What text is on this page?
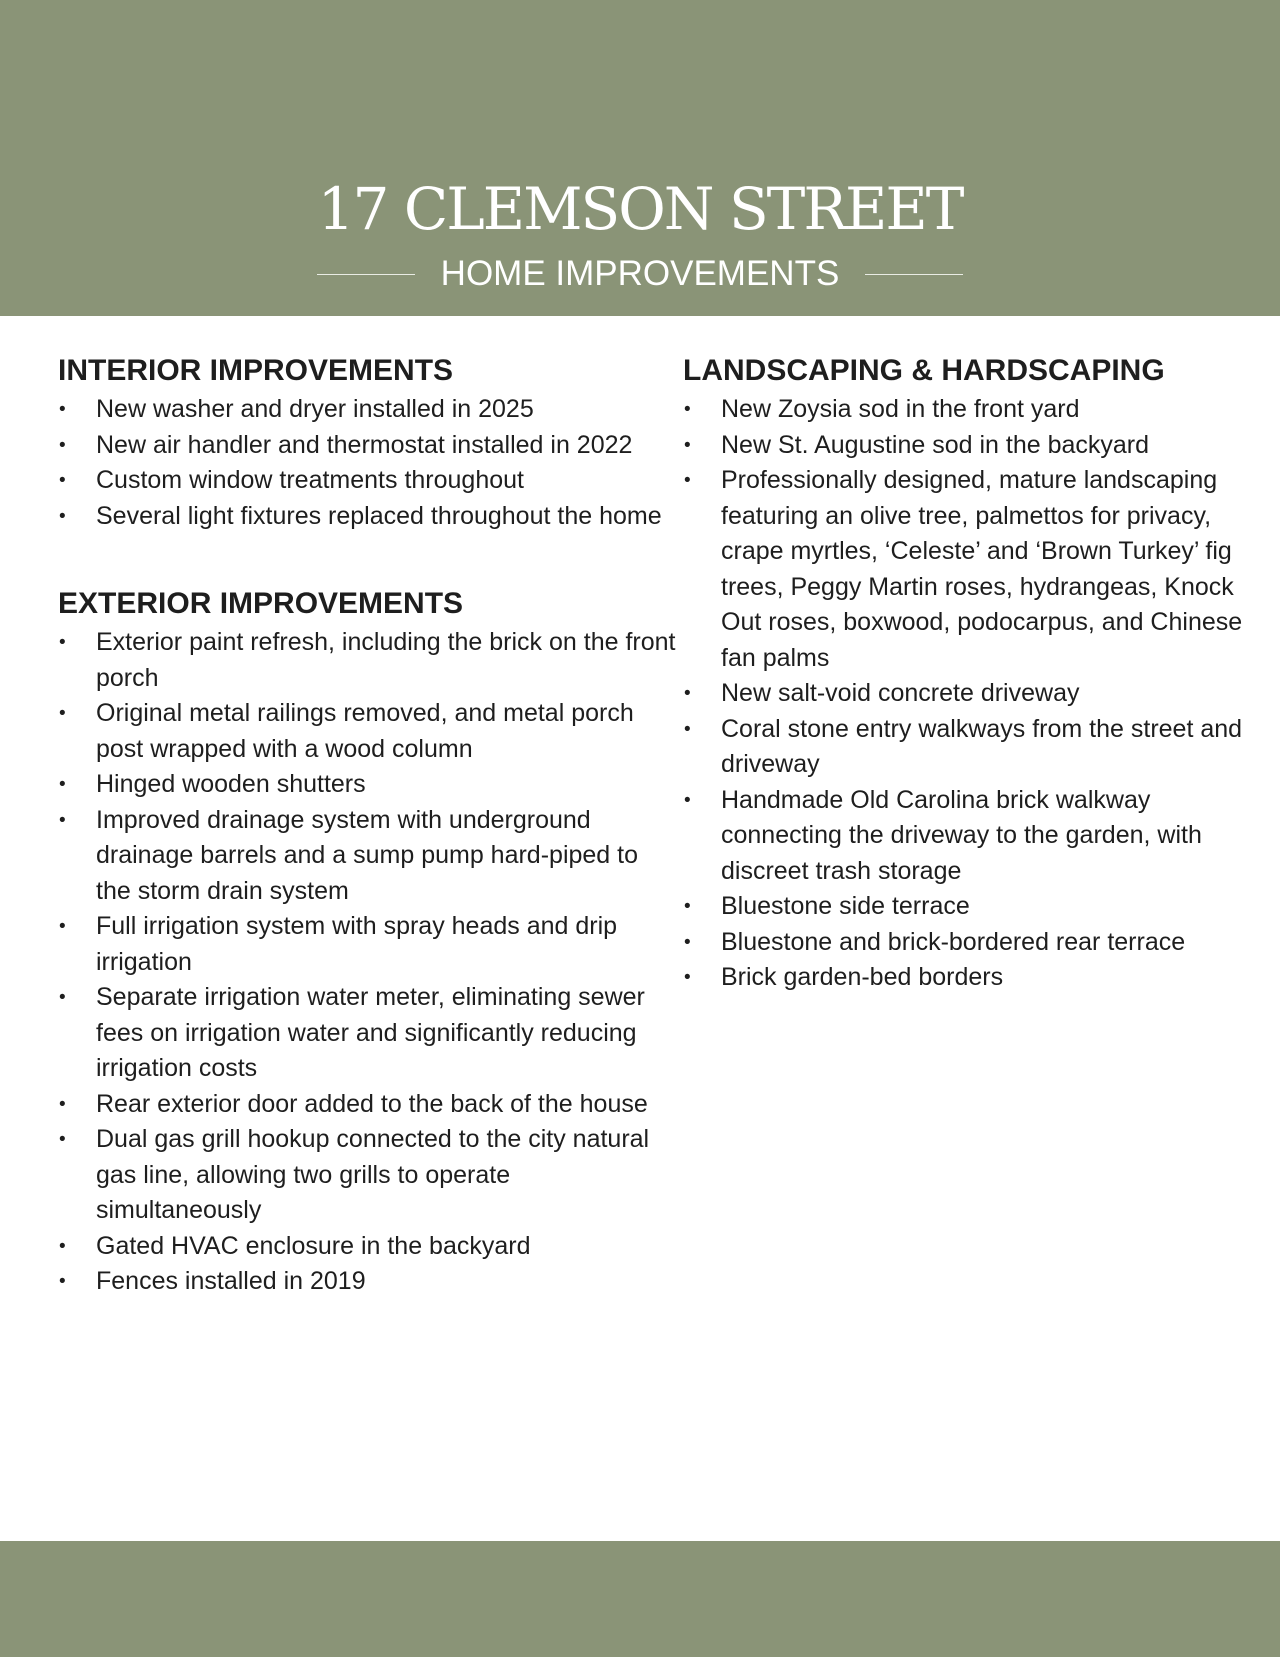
17 CLEMSON STREET
HOME IMPROVEMENTS
INTERIOR IMPROVEMENTS
•	New washer and dryer installed in 2025
•	New air handler and thermostat installed in 2022
•	Custom window treatments throughout
•	Several light fixtures replaced throughout the home
EXTERIOR IMPROVEMENTS
•	Exterior paint refresh, including the brick on the front porch
•	Original metal railings removed, and metal porch post wrapped with a wood column
•	Hinged wooden shutters
•	Improved drainage system with underground drainage barrels and a sump pump hard-piped to the storm drain system
•	Full irrigation system with spray heads and drip irrigation
•	Separate irrigation water meter, eliminating sewer fees on irrigation water and significantly reducing irrigation costs
•	Rear exterior door added to the back of the house
•	Dual gas grill hookup connected to the city natural gas line, allowing two grills to operate simultaneously
•	Gated HVAC enclosure in the backyard
•	Fences installed in 2019
LANDSCAPING & HARDSCAPING
•	New Zoysia sod in the front yard
•	New St. Augustine sod in the backyard
•	Professionally designed, mature landscaping featuring an olive tree, palmettos for privacy, crape myrtles, ‘Celeste’ and ‘Brown Turkey’ fig trees, Peggy Martin roses, hydrangeas, Knock Out roses, boxwood, podocarpus, and Chinese fan palms
•	New salt-void concrete driveway
•	Coral stone entry walkways from the street and driveway
•	Handmade Old Carolina brick walkway connecting the driveway to the garden, with discreet trash storage
•	Bluestone side terrace
•	Bluestone and brick-bordered rear terrace
•	Brick garden-bed borders
